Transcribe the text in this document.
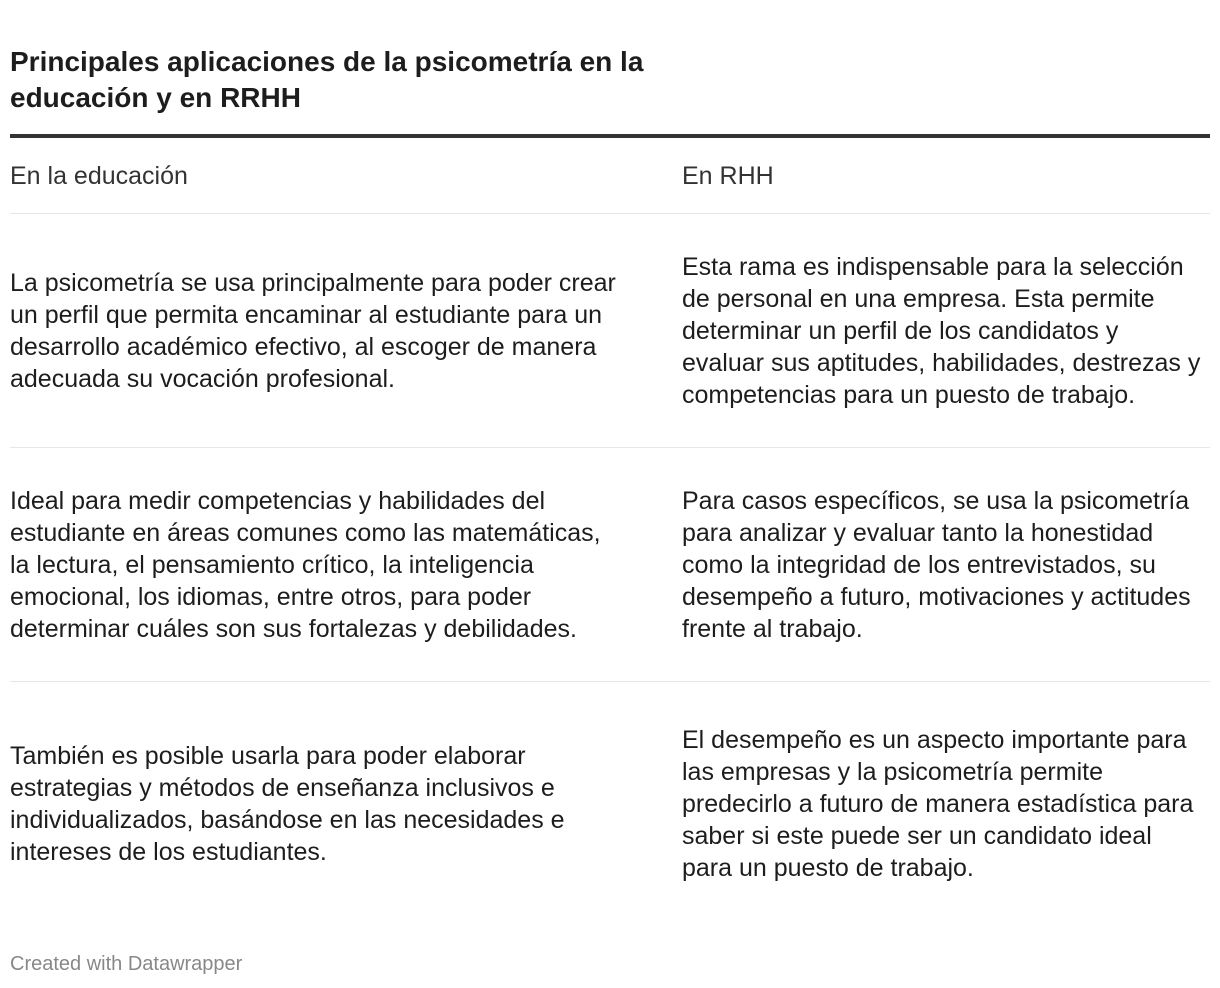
Principales aplicaciones de la psicometría en la educación y en RRHH
En la educación	En RHH
La psicometría se usa principalmente para poder crear un perfil que permita encaminar al estudiante para un desarrollo académico efectivo, al escoger de manera adecuada su vocación profesional.
Esta rama es indispensable para la selección de personal en una empresa. Esta permite determinar un perfil de los candidatos y evaluar sus aptitudes, habilidades, destrezas y competencias para un puesto de trabajo.
Ideal para medir competencias y habilidades del estudiante en áreas comunes como las matemáticas, la lectura, el pensamiento crítico, la inteligencia emocional, los idiomas, entre otros, para poder determinar cuáles son sus fortalezas y debilidades.
Para casos específicos, se usa la psicometría para analizar y evaluar tanto la honestidad como la integridad de los entrevistados, su desempeño a futuro, motivaciones y actitudes frente al trabajo.
También es posible usarla para poder elaborar estrategias y métodos de enseñanza inclusivos e individualizados, basándose en las necesidades e intereses de los estudiantes.
El desempeño es un aspecto importante para las empresas y la psicometría permite predecirlo a futuro de manera estadística para saber si este puede ser un candidato ideal para un puesto de trabajo.
Created with Datawrapper
